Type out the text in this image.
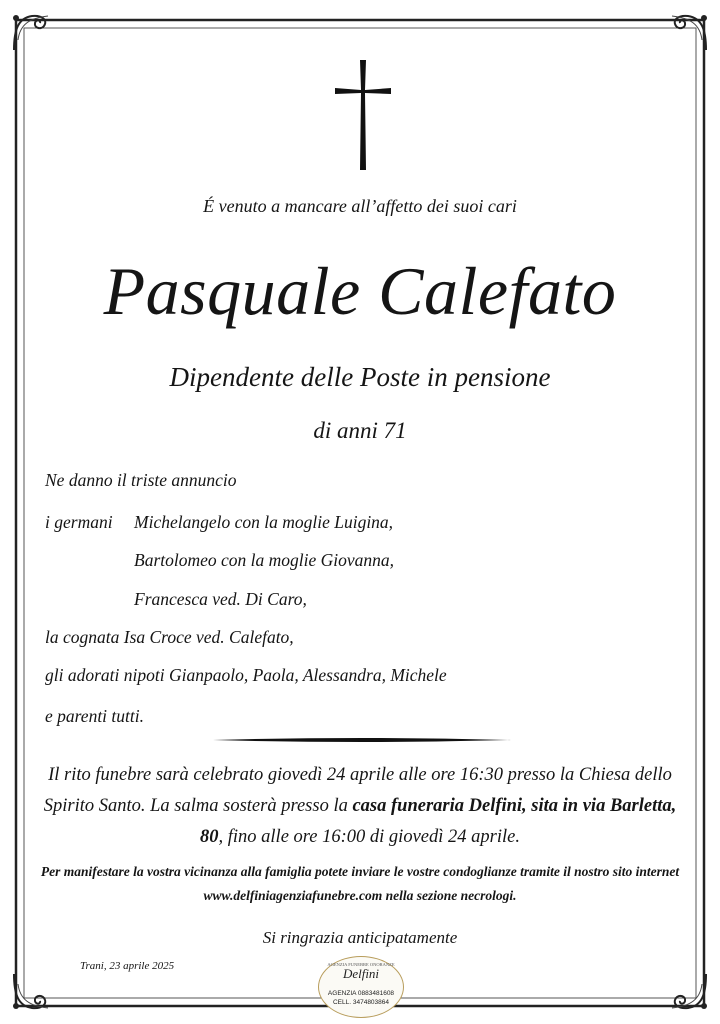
É venuto a mancare all’affetto dei suoi cari
Pasquale Calefato
Dipendente delle Poste in pensione
di anni 71
Ne danno il triste annuncio
i germani Michelangelo con la moglie Luigina,
Bartolomeo con la moglie Giovanna,
Francesca ved. Di Caro,
la cognata Isa Croce ved. Calefato,
gli adorati nipoti Gianpaolo, Paola, Alessandra, Michele
e parenti tutti.
Il rito funebre sarà celebrato giovedì 24 aprile alle ore 16:30 presso la Chiesa dello Spirito Santo. La salma sosterà presso la casa funeraria Delfini, sita in via Barletta, 80, fino alle ore 16:00 di giovedì 24 aprile.
Per manifestare la vostra vicinanza alla famiglia potete inviare le vostre condoglianze tramite il nostro sito internet www.delfiniagenziafunebre.com nella sezione necrologi.
Si ringrazia anticipatamente
Trani, 23 aprile 2025	AGENZIA FUNEBRE ONORANZE
Delfini
AGENZIA 0883481608
CELL. 3474803864
